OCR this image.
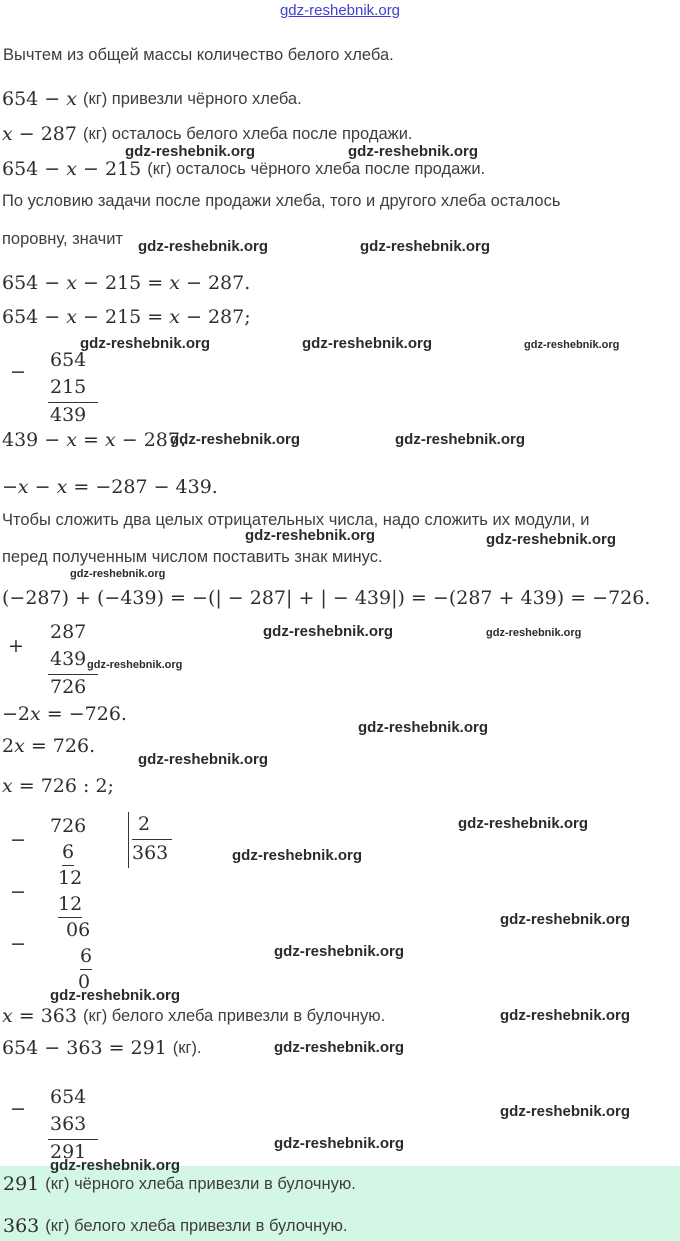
gdz-reshebnik.org
Вычтем из общей массы количество белого хлеба.
654 − x (кг) привезли чёрного хлеба.
x − 287 (кг) осталось белого хлеба после продажи.
654 − x − 215 (кг) осталось чёрного хлеба после продажи.
По условию задачи после продажи хлеба, того и другого хлеба осталось
поровну, значит
654 − x − 215 = x − 287.
654 − x − 215 = x − 287;
−
654
215
439
439 − x = x − 287.
−x − x = −287 − 439.
Чтобы сложить два целых отрицательных числа, надо сложить их модули, и
перед полученным числом поставить знак минус.
(−287) + (−439) = −(| − 287| + | − 439|) = −(287 + 439) = −726.
+
287
439
726
−2x = −726.
2x = 726.
x = 726 : 2;
−
726	2
363
6
−
12
12
06
−
6
0
x = 363 (кг) белого хлеба привезли в булочную.
654 − 363 = 291 (кг).
−
654
363
291
291 (кг) чёрного хлеба привезли в булочную.
363 (кг) белого хлеба привезли в булочную.
gdz-reshebnik.org	gdz-reshebnik.org
gdz-reshebnik.org	gdz-reshebnik.org
gdz-reshebnik.org	gdz-reshebnik.org	gdz-reshebnik.org
gdz-reshebnik.org	gdz-reshebnik.org
gdz-reshebnik.org	gdz-reshebnik.org
gdz-reshebnik.org
gdz-reshebnik.org	gdz-reshebnik.org
gdz-reshebnik.org
gdz-reshebnik.org
gdz-reshebnik.org
gdz-reshebnik.org
gdz-reshebnik.org
gdz-reshebnik.org
gdz-reshebnik.org
gdz-reshebnik.org
gdz-reshebnik.org
gdz-reshebnik.org
gdz-reshebnik.org
gdz-reshebnik.org
gdz-reshebnik.org
